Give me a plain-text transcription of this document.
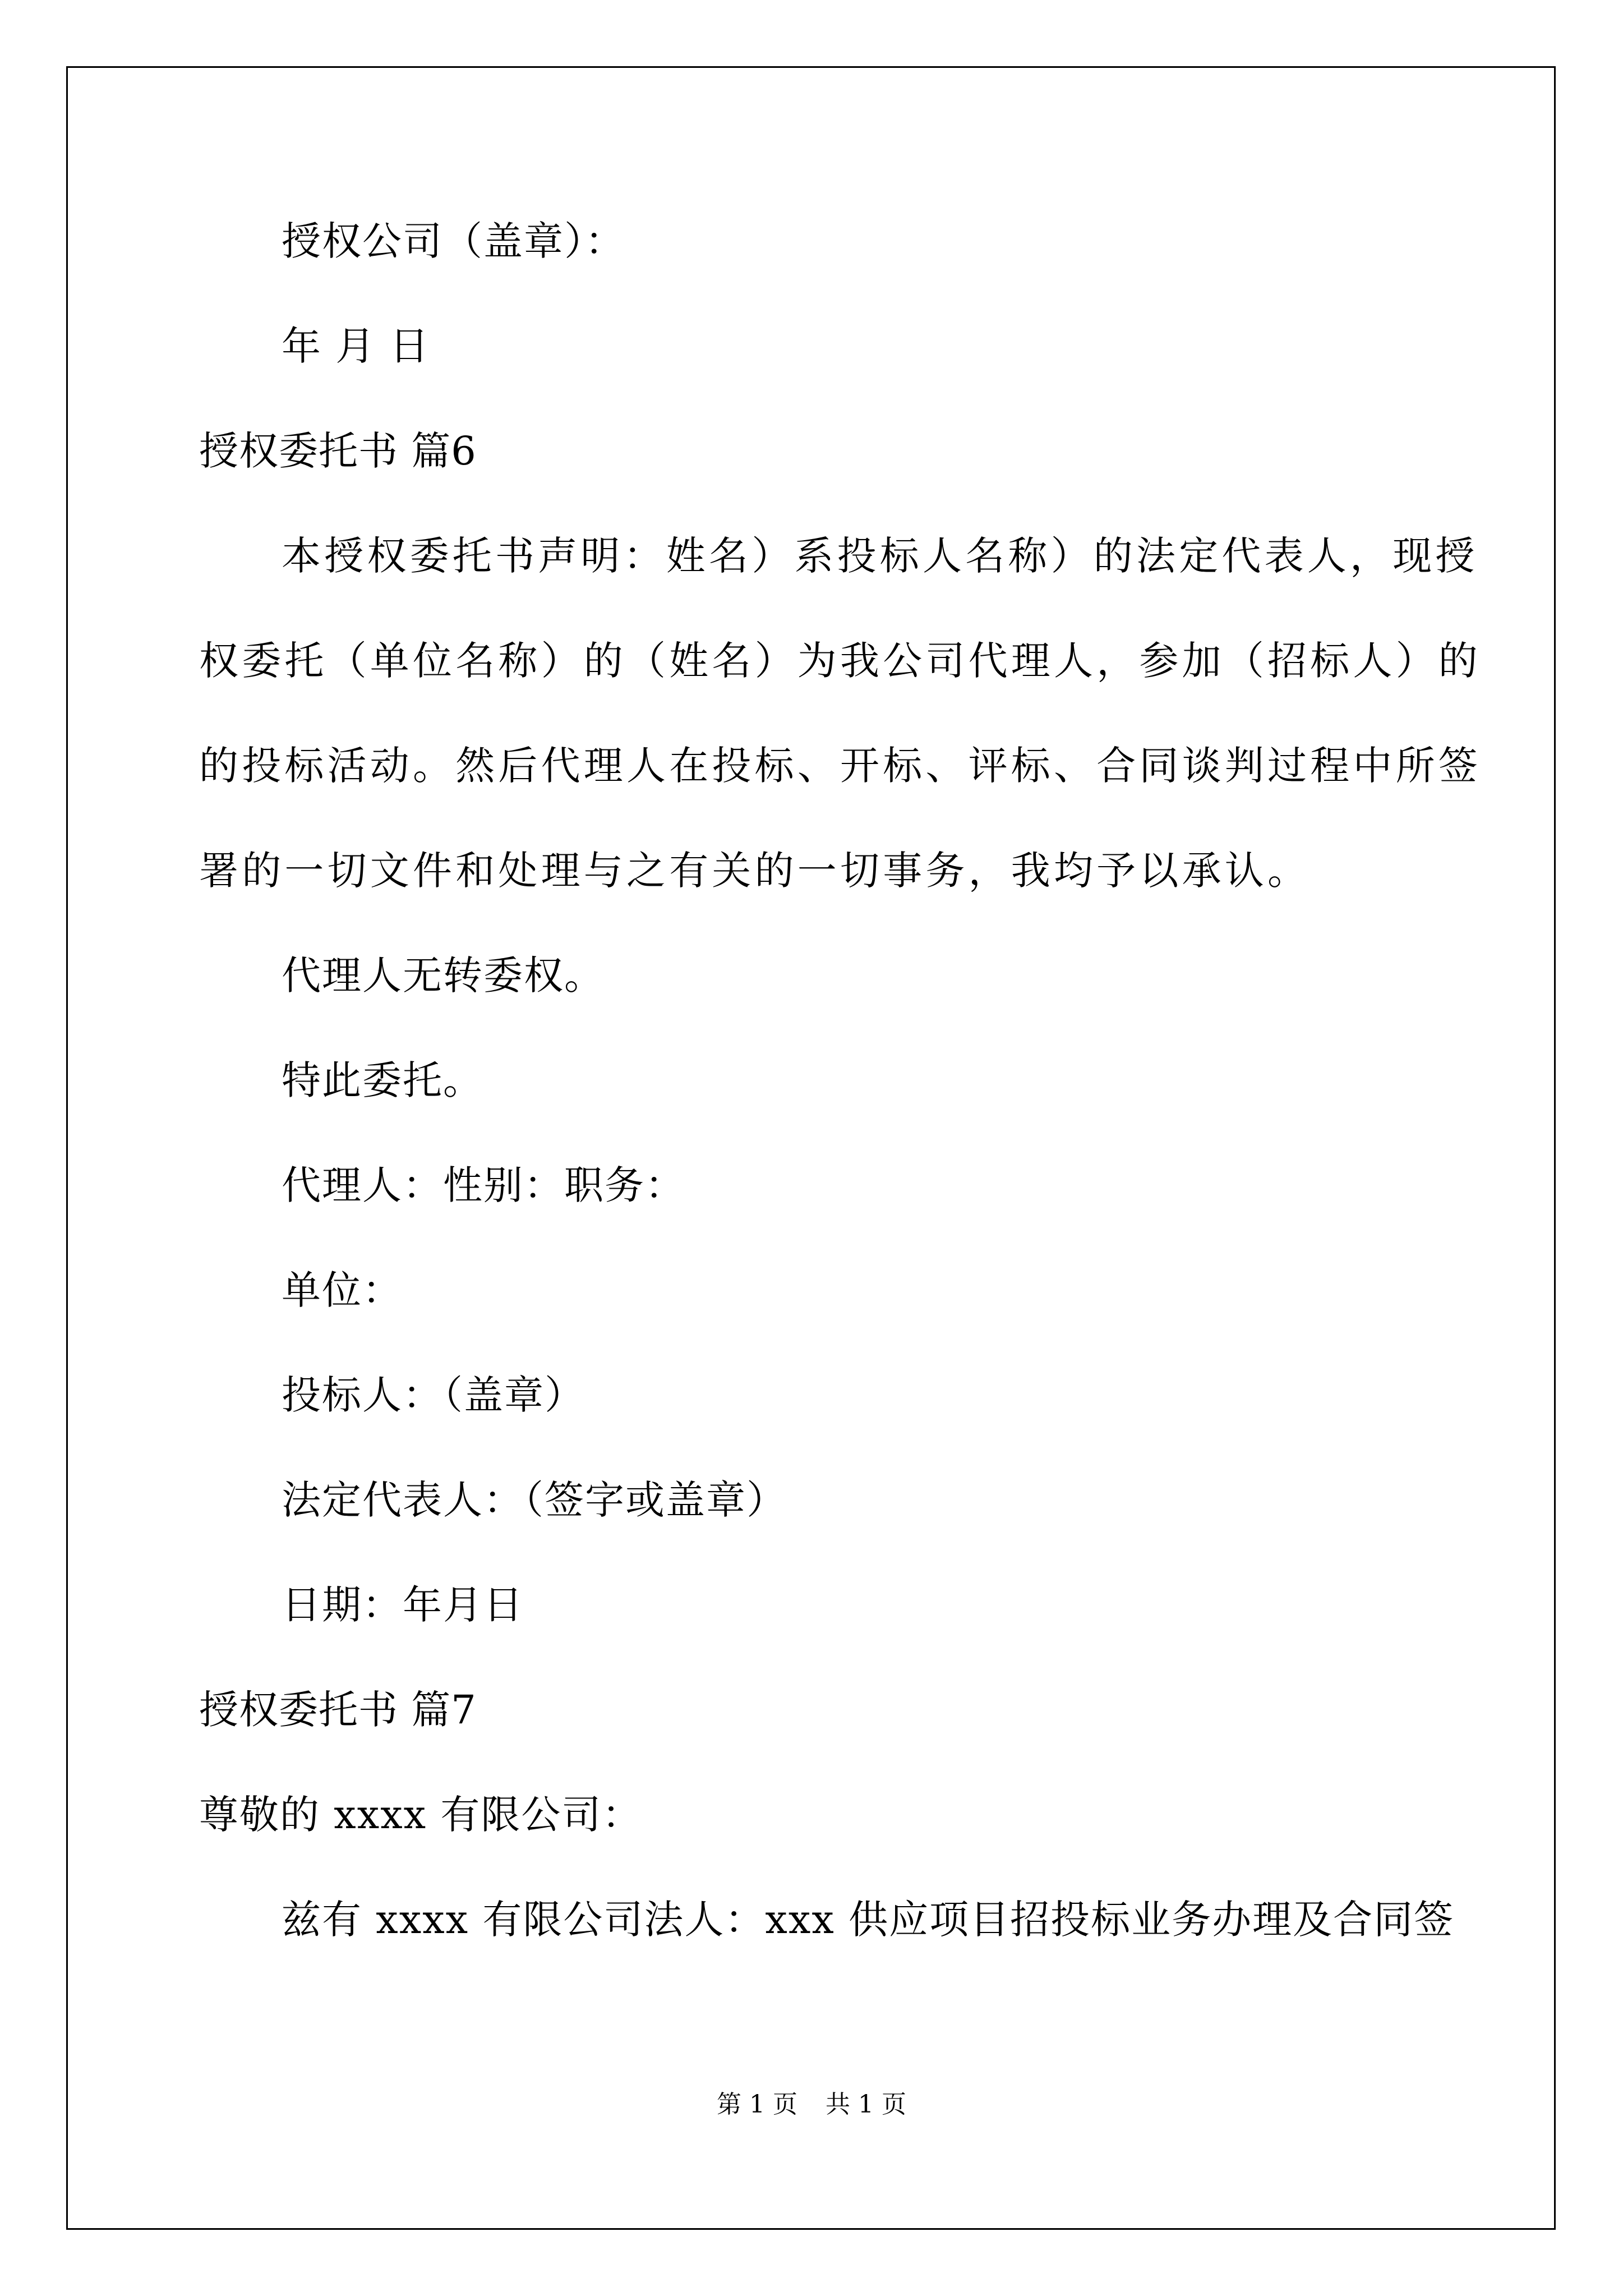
授权公司（盖章）：
年 月 日
授权委托书 篇6
本授权委托书声明：姓名）系投标人名称）的法定代表人，现授
权委托（单位名称）的（姓名）为我公司代理人，参加（招标人）的
的投标活动。然后代理人在投标、开标、评标、合同谈判过程中所签
署的一切文件和处理与之有关的一切事务，我均予以承认。
代理人无转委权。
特此委托。
代理人：性别：职务：
单位：
投标人：（盖章）
法定代表人：（签字或盖章）
日期：年月日
授权委托书 篇7
尊敬的 xxxx 有限公司：
兹有 xxxx 有限公司法人：xxx 供应项目招投标业务办理及合同签
第 1 页 共 1 页
